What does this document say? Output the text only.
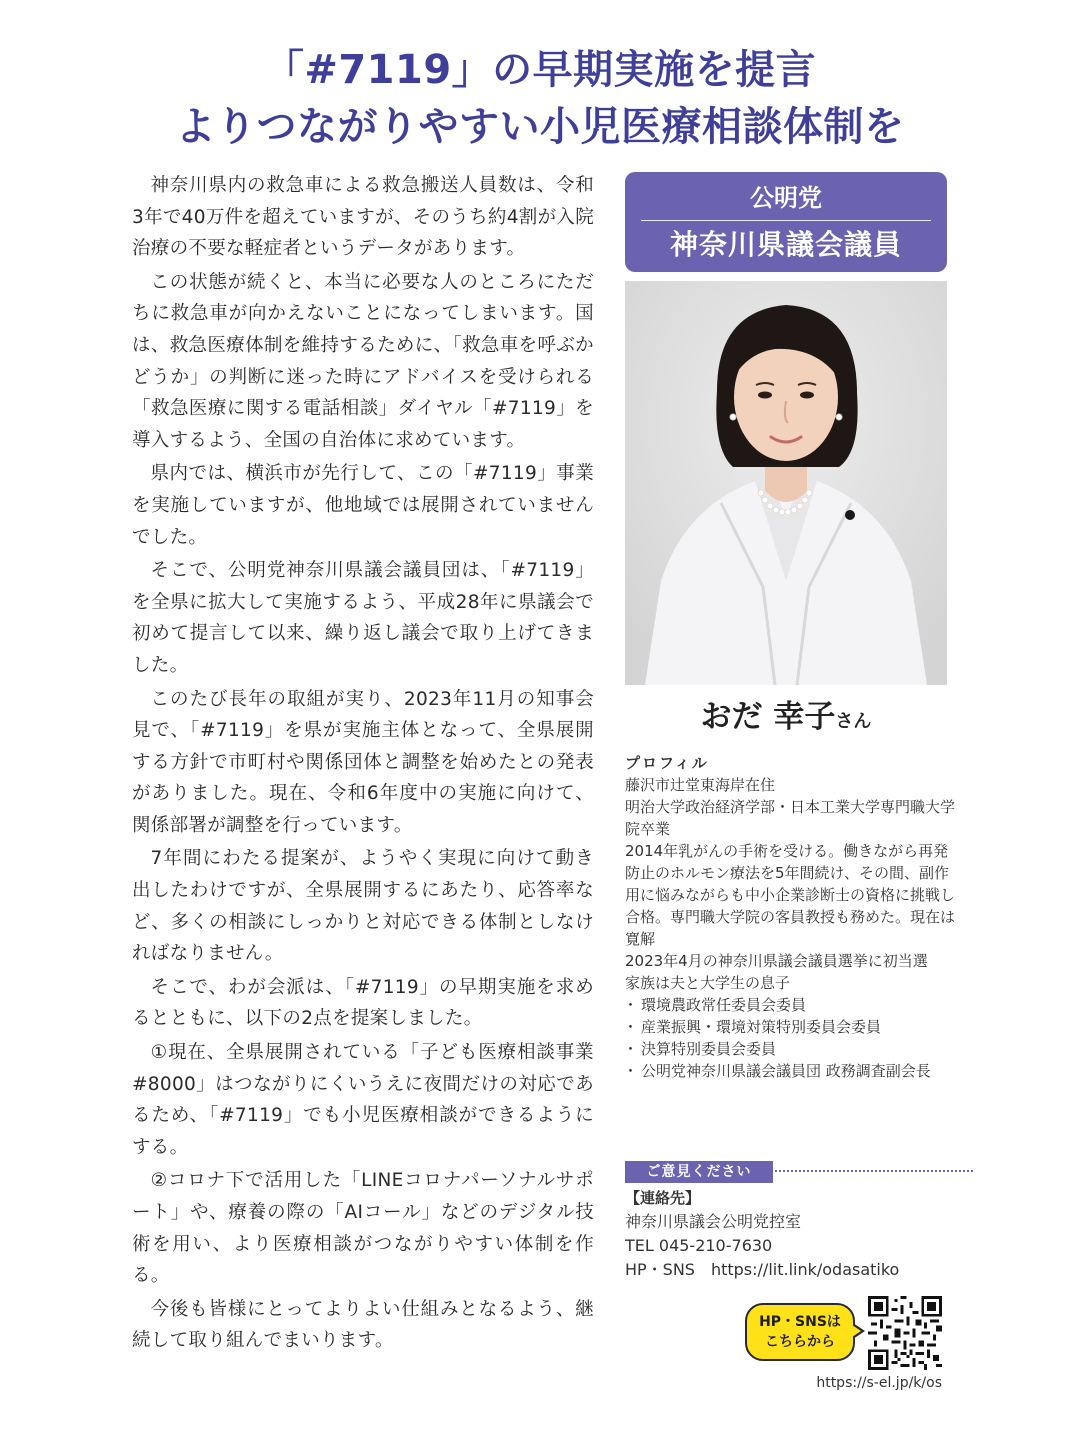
「#7119」の早期実施を提言
よりつながりやすい小児医療相談体制を

神奈川県内の救急車による救急搬送人員数は、令和3年で40万件を超えていますが、そのうち約4割が入院治療の不要な軽症者というデータがあります。

この状態が続くと、本当に必要な人のところにただちに救急車が向かえないことになってしまいます。国は、救急医療体制を維持するために、「救急車を呼ぶかどうか」の判断に迷った時にアドバイスを受けられる「救急医療に関する電話相談」ダイヤル「#7119」を導入するよう、全国の自治体に求めています。

県内では、横浜市が先行して、この「#7119」事業を実施していますが、他地域では展開されていませんでした。

そこで、公明党神奈川県議会議員団は、「#7119」を全県に拡大して実施するよう、平成28年に県議会で初めて提言して以来、繰り返し議会で取り上げてきました。

このたび長年の取組が実り、2023年11月の知事会見で、「#7119」を県が実施主体となって、全県展開する方針で市町村や関係団体と調整を始めたとの発表がありました。現在、令和6年度中の実施に向けて、関係部署が調整を行っています。

7年間にわたる提案が、ようやく実現に向けて動き出したわけですが、全県展開するにあたり、応答率など、多くの相談にしっかりと対応できる体制としなければなりません。

そこで、わが会派は、「#7119」の早期実施を求めるとともに、以下の2点を提案しました。

①現在、全県展開されている「子ども医療相談事業#8000」はつながりにくいうえに夜間だけの対応であるため、「#7119」でも小児医療相談ができるようにする。

②コロナ下で活用した「LINEコロナパーソナルサポート」や、療養の際の「AIコール」などのデジタル技術を用い、より医療相談がつながりやすい体制を作る。

今後も皆様にとってよりよい仕組みとなるよう、継続して取り組んでまいります。

公明党
神奈川県議会議員
おだ 幸子さん
プロフィル

藤沢市辻堂東海岸在住

明治大学政治経済学部・日本工業大学専門職大学院卒業

2014年乳がんの手術を受ける。働きながら再発防止のホルモン療法を5年間続け、その間、副作用に悩みながらも中小企業診断士の資格に挑戦し合格。専門職大学院の客員教授も務めた。現在は寛解

2023年4月の神奈川県議会議員選挙に初当選

家族は夫と大学生の息子

・ 環境農政常任委員会委員
・ 産業振興・環境対策特別委員会委員
・ 決算特別委員会委員
・ 公明党神奈川県議会議員団 政務調査副会長
ご意見ください
【連絡先】
神奈川県議会公明党控室
TEL 045-210-7630
HP・SNS　https://lit.link/odasatiko
HP・SNSは
こちらから
https://s-el.jp/k/os
